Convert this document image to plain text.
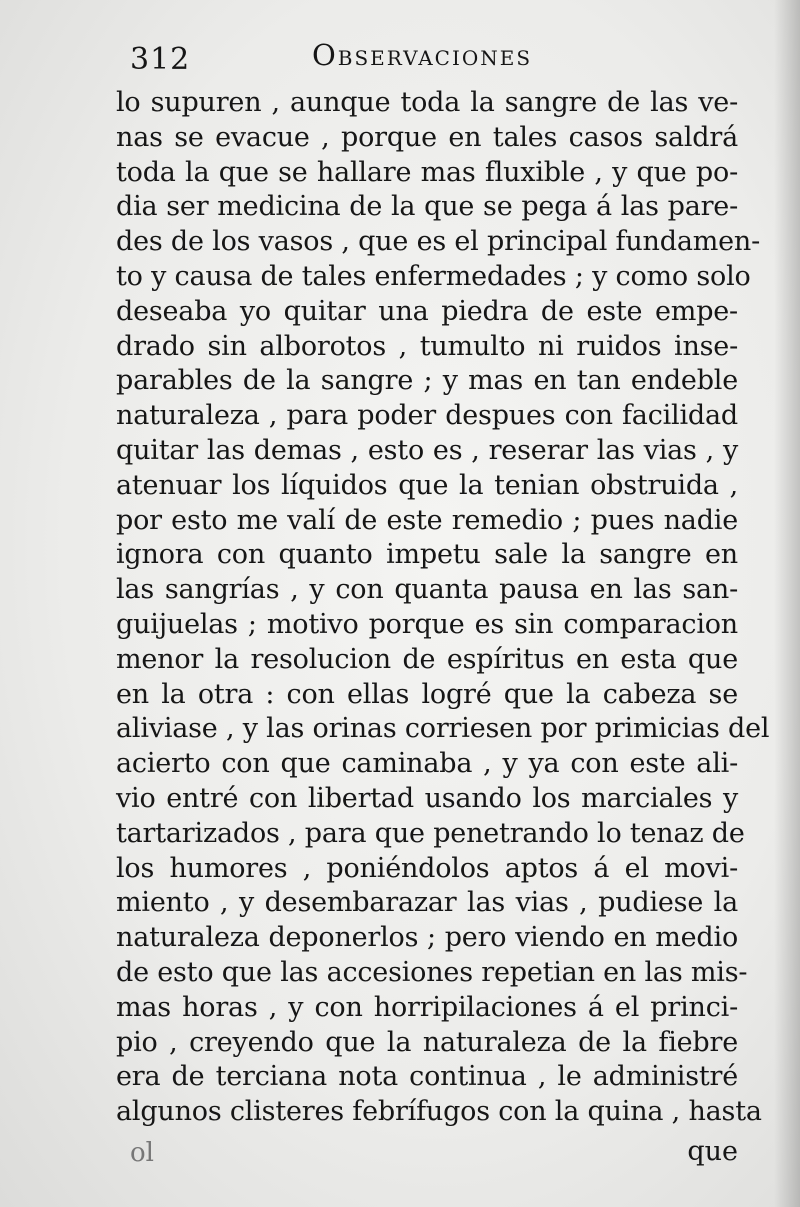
312	Observaciones
lo supuren , aunque toda la sangre de las ve-
nas se evacue , porque en tales casos saldrá
toda la que se hallare mas fluxible , y que po-
dia ser medicina de la que se pega á las pare-
des de los vasos , que es el principal fundamen-
to y causa de tales enfermedades ; y como solo
deseaba yo quitar una piedra de este empe-
drado sin alborotos , tumulto ni ruidos inse-
parables de la sangre ; y mas en tan endeble
naturaleza , para poder despues con facilidad
quitar las demas , esto es , reserar las vias , y
atenuar los líquidos que la tenian obstruida ,
por esto me valí de este remedio ; pues nadie
ignora con quanto impetu sale la sangre en
las sangrías , y con quanta pausa en las san-
guijuelas ; motivo porque es sin comparacion
menor la resolucion de espíritus en esta que
en la otra : con ellas logré que la cabeza se
aliviase , y las orinas corriesen por primicias del
acierto con que caminaba , y ya con este ali-
vio entré con libertad usando los marciales y
tartarizados , para que penetrando lo tenaz de
los humores , poniéndolos aptos á el movi-
miento , y desembarazar las vias , pudiese la
naturaleza deponerlos ; pero viendo en medio
de esto que las accesiones repetian en las mis-
mas horas , y con horripilaciones á el princi-
pio , creyendo que la naturaleza de la fiebre
era de terciana nota continua , le administré
algunos clisteres febrífugos con la quina , hasta
ol	que
